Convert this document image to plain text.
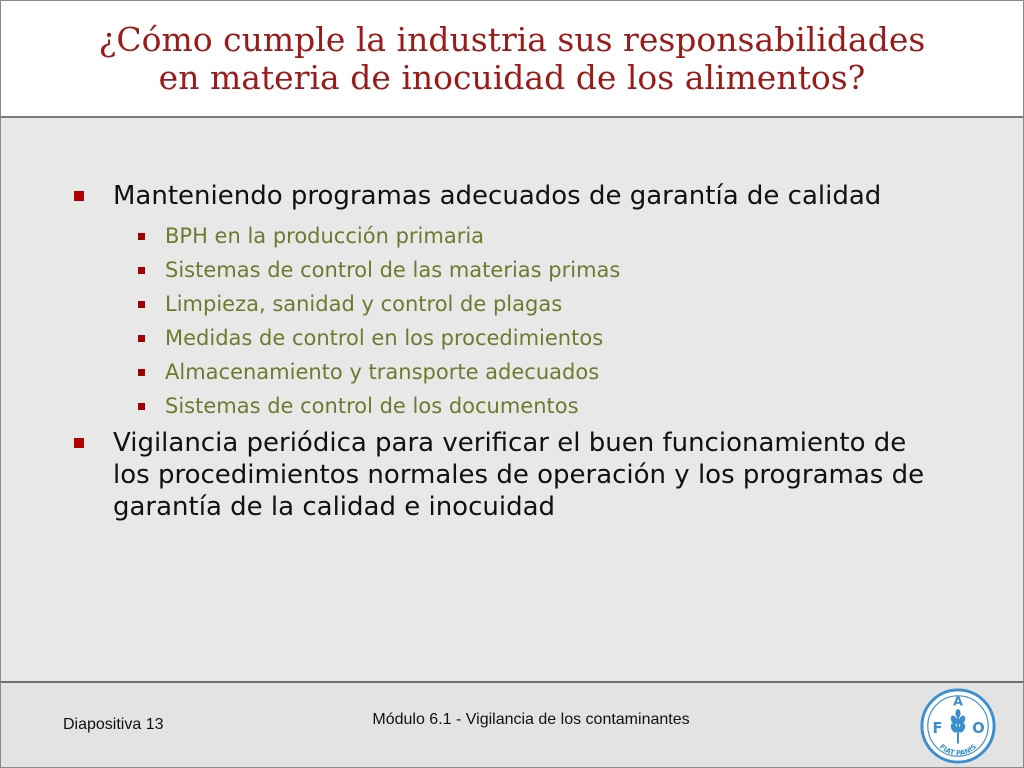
¿Cómo cumple la industria sus responsabilidades
en materia de inocuidad de los alimentos?
Manteniendo programas adecuados de garantía de calidad
BPH en la producción primaria
Sistemas de control de las materias primas
Limpieza, sanidad y control de plagas
Medidas de control en los procedimientos
Almacenamiento y transporte adecuados
Sistemas de control de los documentos
Vigilancia periódica para verificar el buen funcionamiento de los procedimientos normales de operación y los programas de garantía de la calidad e inocuidad
Diapositiva 13	Módulo 6.1 - Vigilancia de los contaminantes
F
A
O
FIAT PANIS
